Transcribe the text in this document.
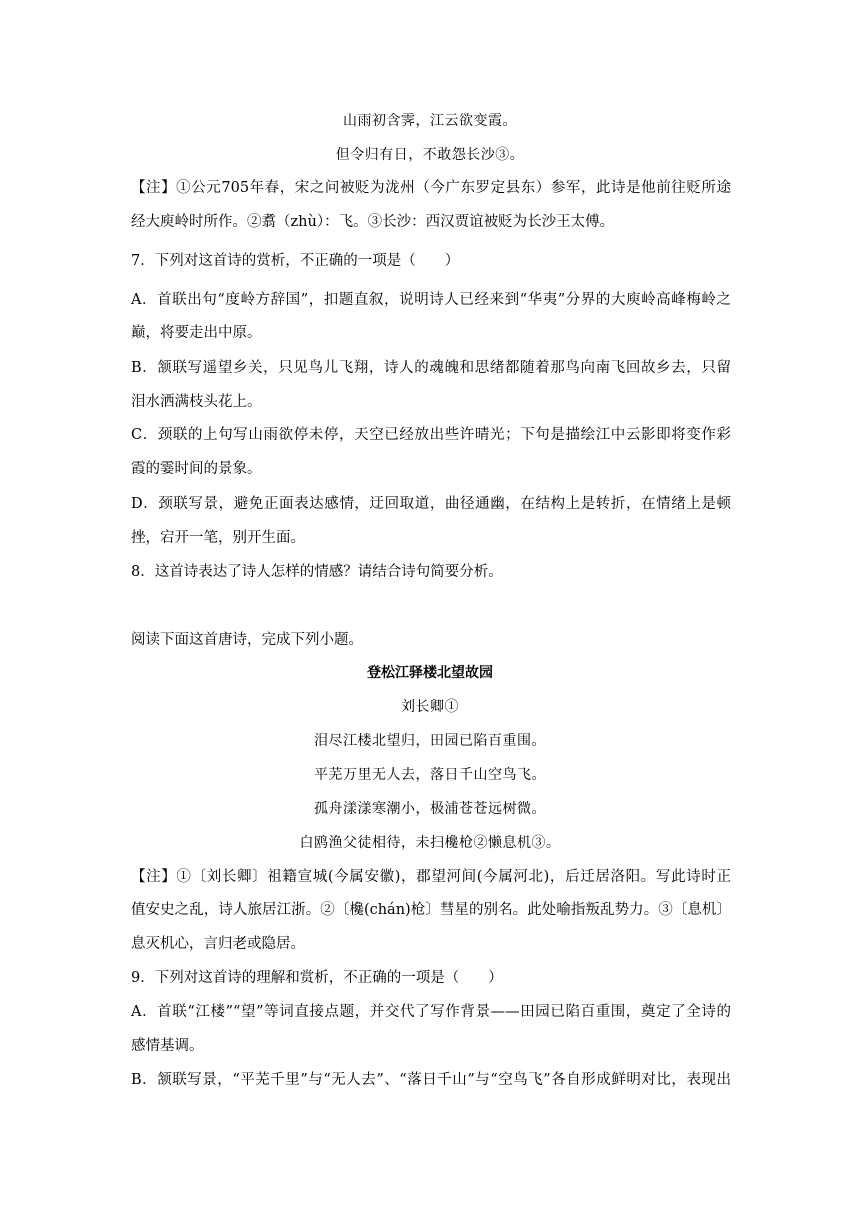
山雨初含霁，江云欲变霞。
但令归有日，不敢怨长沙③。
【注】①公元705年春，宋之问被贬为泷州（今广东罗定县东）参军，此诗是他前往贬所途
经大庾岭时所作。②翥（zhù）：飞。③长沙：西汉贾谊被贬为长沙王太傅。
7．下列对这首诗的赏析，不正确的一项是（　　）
A．首联出句“度岭方辞国”，扣题直叙，说明诗人已经来到“华夷”分界的大庾岭高峰梅岭之
巅，将要走出中原。
B．颔联写遥望乡关，只见鸟儿飞翔，诗人的魂魄和思绪都随着那鸟向南飞回故乡去，只留
泪水洒满枝头花上。
C．颈联的上句写山雨欲停未停，天空已经放出些许晴光；下句是描绘江中云影即将变作彩
霞的霎时间的景象。
D．颈联写景，避免正面表达感情，迂回取道，曲径通幽，在结构上是转折，在情绪上是顿
挫，宕开一笔，别开生面。
8．这首诗表达了诗人怎样的情感？请结合诗句简要分析。
阅读下面这首唐诗，完成下列小题。
登松江驿楼北望故园
刘长卿①
泪尽江楼北望归，田园已陷百重围。
平芜万里无人去，落日千山空鸟飞。
孤舟漾漾寒潮小，极浦苍苍远树微。
白鸥渔父徒相待，未扫欃枪②懒息机③。
【注】①〔刘长卿〕祖籍宣城(今属安徽)，郡望河间(今属河北)，后迁居洛阳。写此诗时正
值安史之乱，诗人旅居江浙。②〔欃(chán)枪〕彗星的别名。此处喻指叛乱势力。③〔息机〕
息灭机心，言归老或隐居。
9．下列对这首诗的理解和赏析，不正确的一项是（　　）
A．首联“江楼”“望”等词直接点题，并交代了写作背景——田园已陷百重围，奠定了全诗的
感情基调。
B．颔联写景，“平芜千里”与“无人去”、“落日千山”与“空鸟飞”各自形成鲜明对比，表现出
